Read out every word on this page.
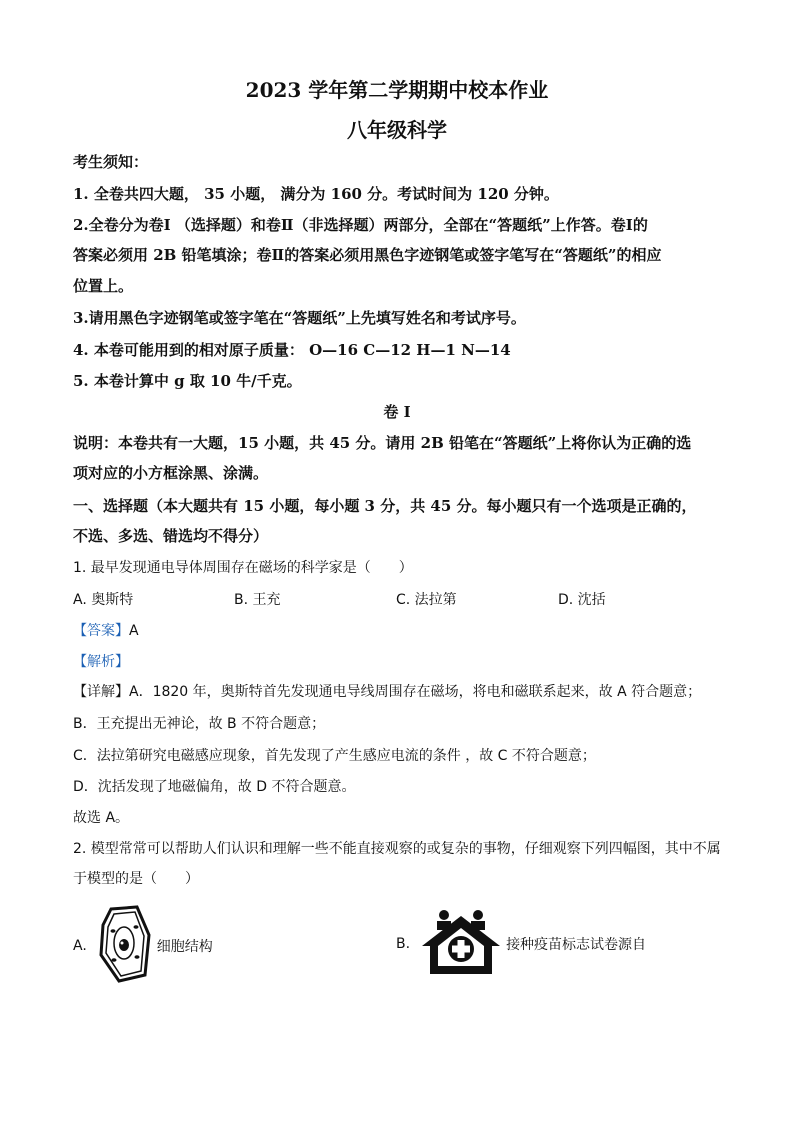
2023 学年第二学期期中校本作业
八年级科学
考生须知：
1. 全卷共四大题， 35 小题， 满分为 160 分。考试时间为 120 分钟。
2.全卷分为卷Ⅰ （选择题）和卷Ⅱ（非选择题）两部分，全部在“答题纸”上作答。卷Ⅰ的
答案必须用 2B 铅笔填涂；卷Ⅱ的答案必须用黑色字迹钢笔或签字笔写在“答题纸”的相应
位置上。
3.请用黑色字迹钢笔或签字笔在“答题纸”上先填写姓名和考试序号。
4. 本卷可能用到的相对原子质量： O—16 C—12 H—1 N—14
5. 本卷计算中 g 取 10 牛/千克。
卷 Ⅰ
说明：本卷共有一大题，15 小题，共 45 分。请用 2B 铅笔在“答题纸”上将你认为正确的选
项对应的小方框涂黑、涂满。
一、选择题（本大题共有 15 小题，每小题 3 分，共 45 分。每小题只有一个选项是正确的，
不选、多选、错选均不得分）
1. 最早发现通电导体周围存在磁场的科学家是（　　）
A. 奥斯特	B. 王充	C. 法拉第	D. 沈括
【答案】A
【解析】
【详解】A．1820 年，奥斯特首先发现通电导线周围存在磁场，将电和磁联系起来，故 A 符合题意；
B．王充提出无神论，故 B 不符合题意；
C．法拉第研究电磁感应现象，首先发现了产生感应电流的条件 ，故 C 不符合题意；
D．沈括发现了地磁偏角，故 D 不符合题意。
故选 A。
2. 模型常常可以帮助人们认识和理解一些不能直接观察的或复杂的事物，仔细观察下列四幅图，其中不属
于模型的是（　　）
A.	细胞结构	B.	接种疫苗标志试卷源自
